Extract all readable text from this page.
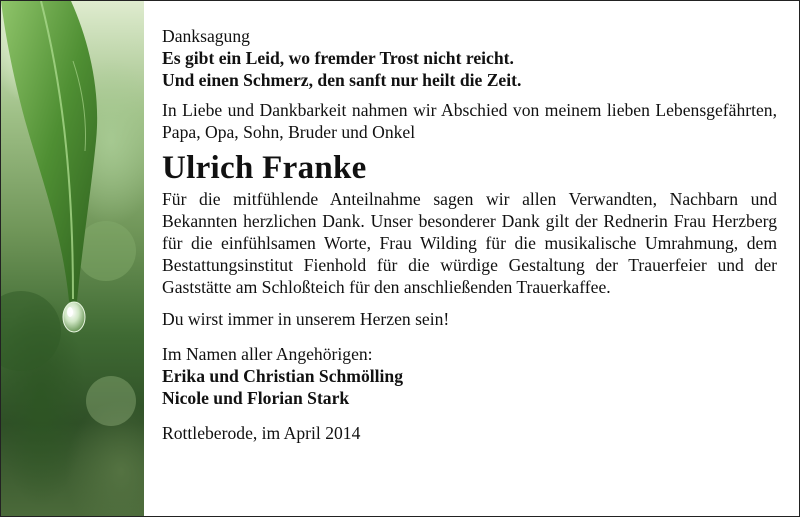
Danksagung

Es gibt ein Leid, wo fremder Trost nicht reicht.

Und einen Schmerz, den sanft nur heilt die Zeit.

In Liebe und Dankbarkeit nahmen wir Abschied von meinem lieben Lebensgefährten, Papa, Opa, Sohn, Bruder und Onkel

Ulrich Franke

Für die mitfühlende Anteilnahme sagen wir allen Verwandten, Nachbarn und Bekannten herzlichen Dank. Unser besonderer Dank gilt der Rednerin Frau Herzberg für die einfühlsamen Worte, Frau Wilding für die musikalische Umrahmung, dem Bestattungsinstitut Fienhold für die würdige Gestaltung der Trauerfeier und der Gaststätte am Schloßteich für den anschließenden Trauerkaffee.

Du wirst immer in unserem Herzen sein!

Im Namen aller Angehörigen:

Erika und Christian Schmölling

Nicole und Florian Stark

Rottleberode, im April 2014
